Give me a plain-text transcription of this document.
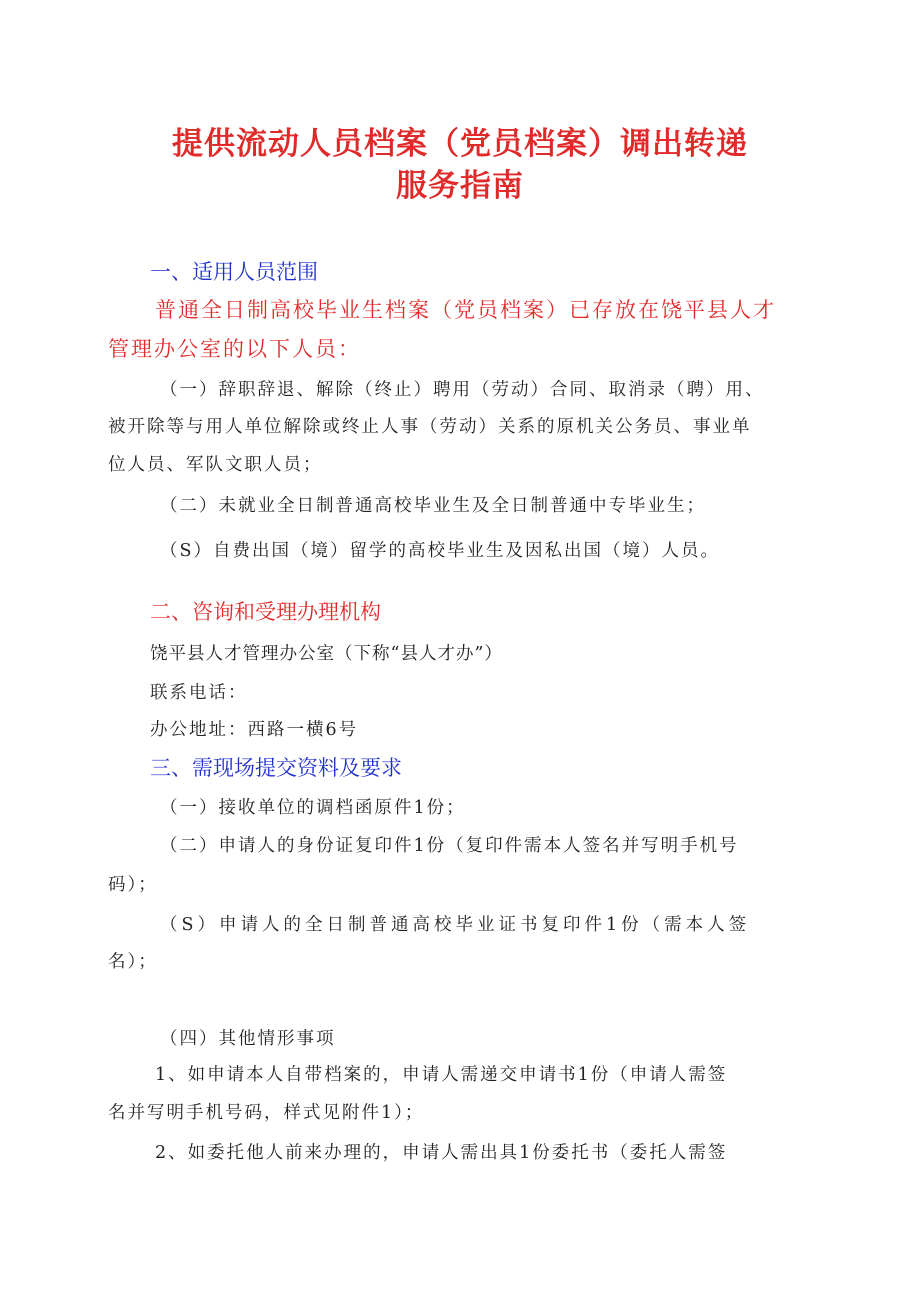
提供流动人员档案（党员档案）调出转递
服务指南
一、适用人员范围
普通全日制高校毕业生档案（党员档案）已存放在饶平县人才
管理办公室的以下人员：
（一）辞职辞退、解除（终止）聘用（劳动）合同、取消录（聘）用、
被开除等与用人单位解除或终止人事（劳动）关系的原机关公务员、事业单
位人员、军队文职人员；
（二）未就业全日制普通高校毕业生及全日制普通中专毕业生；
（S）自费出国（境）留学的高校毕业生及因私出国（境）人员。
二、咨询和受理办理机构
饶平县人才管理办公室（下称“县人才办”）
联系电话：
办公地址：西路一横6号
三、需现场提交资料及要求
（一）接收单位的调档函原件1份；
（二）申请人的身份证复印件1份（复印件需本人签名并写明手机号
码）；
（S）申请人的全日制普通高校毕业证书复印件1份（需本人签
名）；
（四）其他情形事项
1、如申请本人自带档案的，申请人需递交申请书1份（申请人需签
名并写明手机号码，样式见附件1）；
2、如委托他人前来办理的，申请人需出具1份委托书（委托人需签
